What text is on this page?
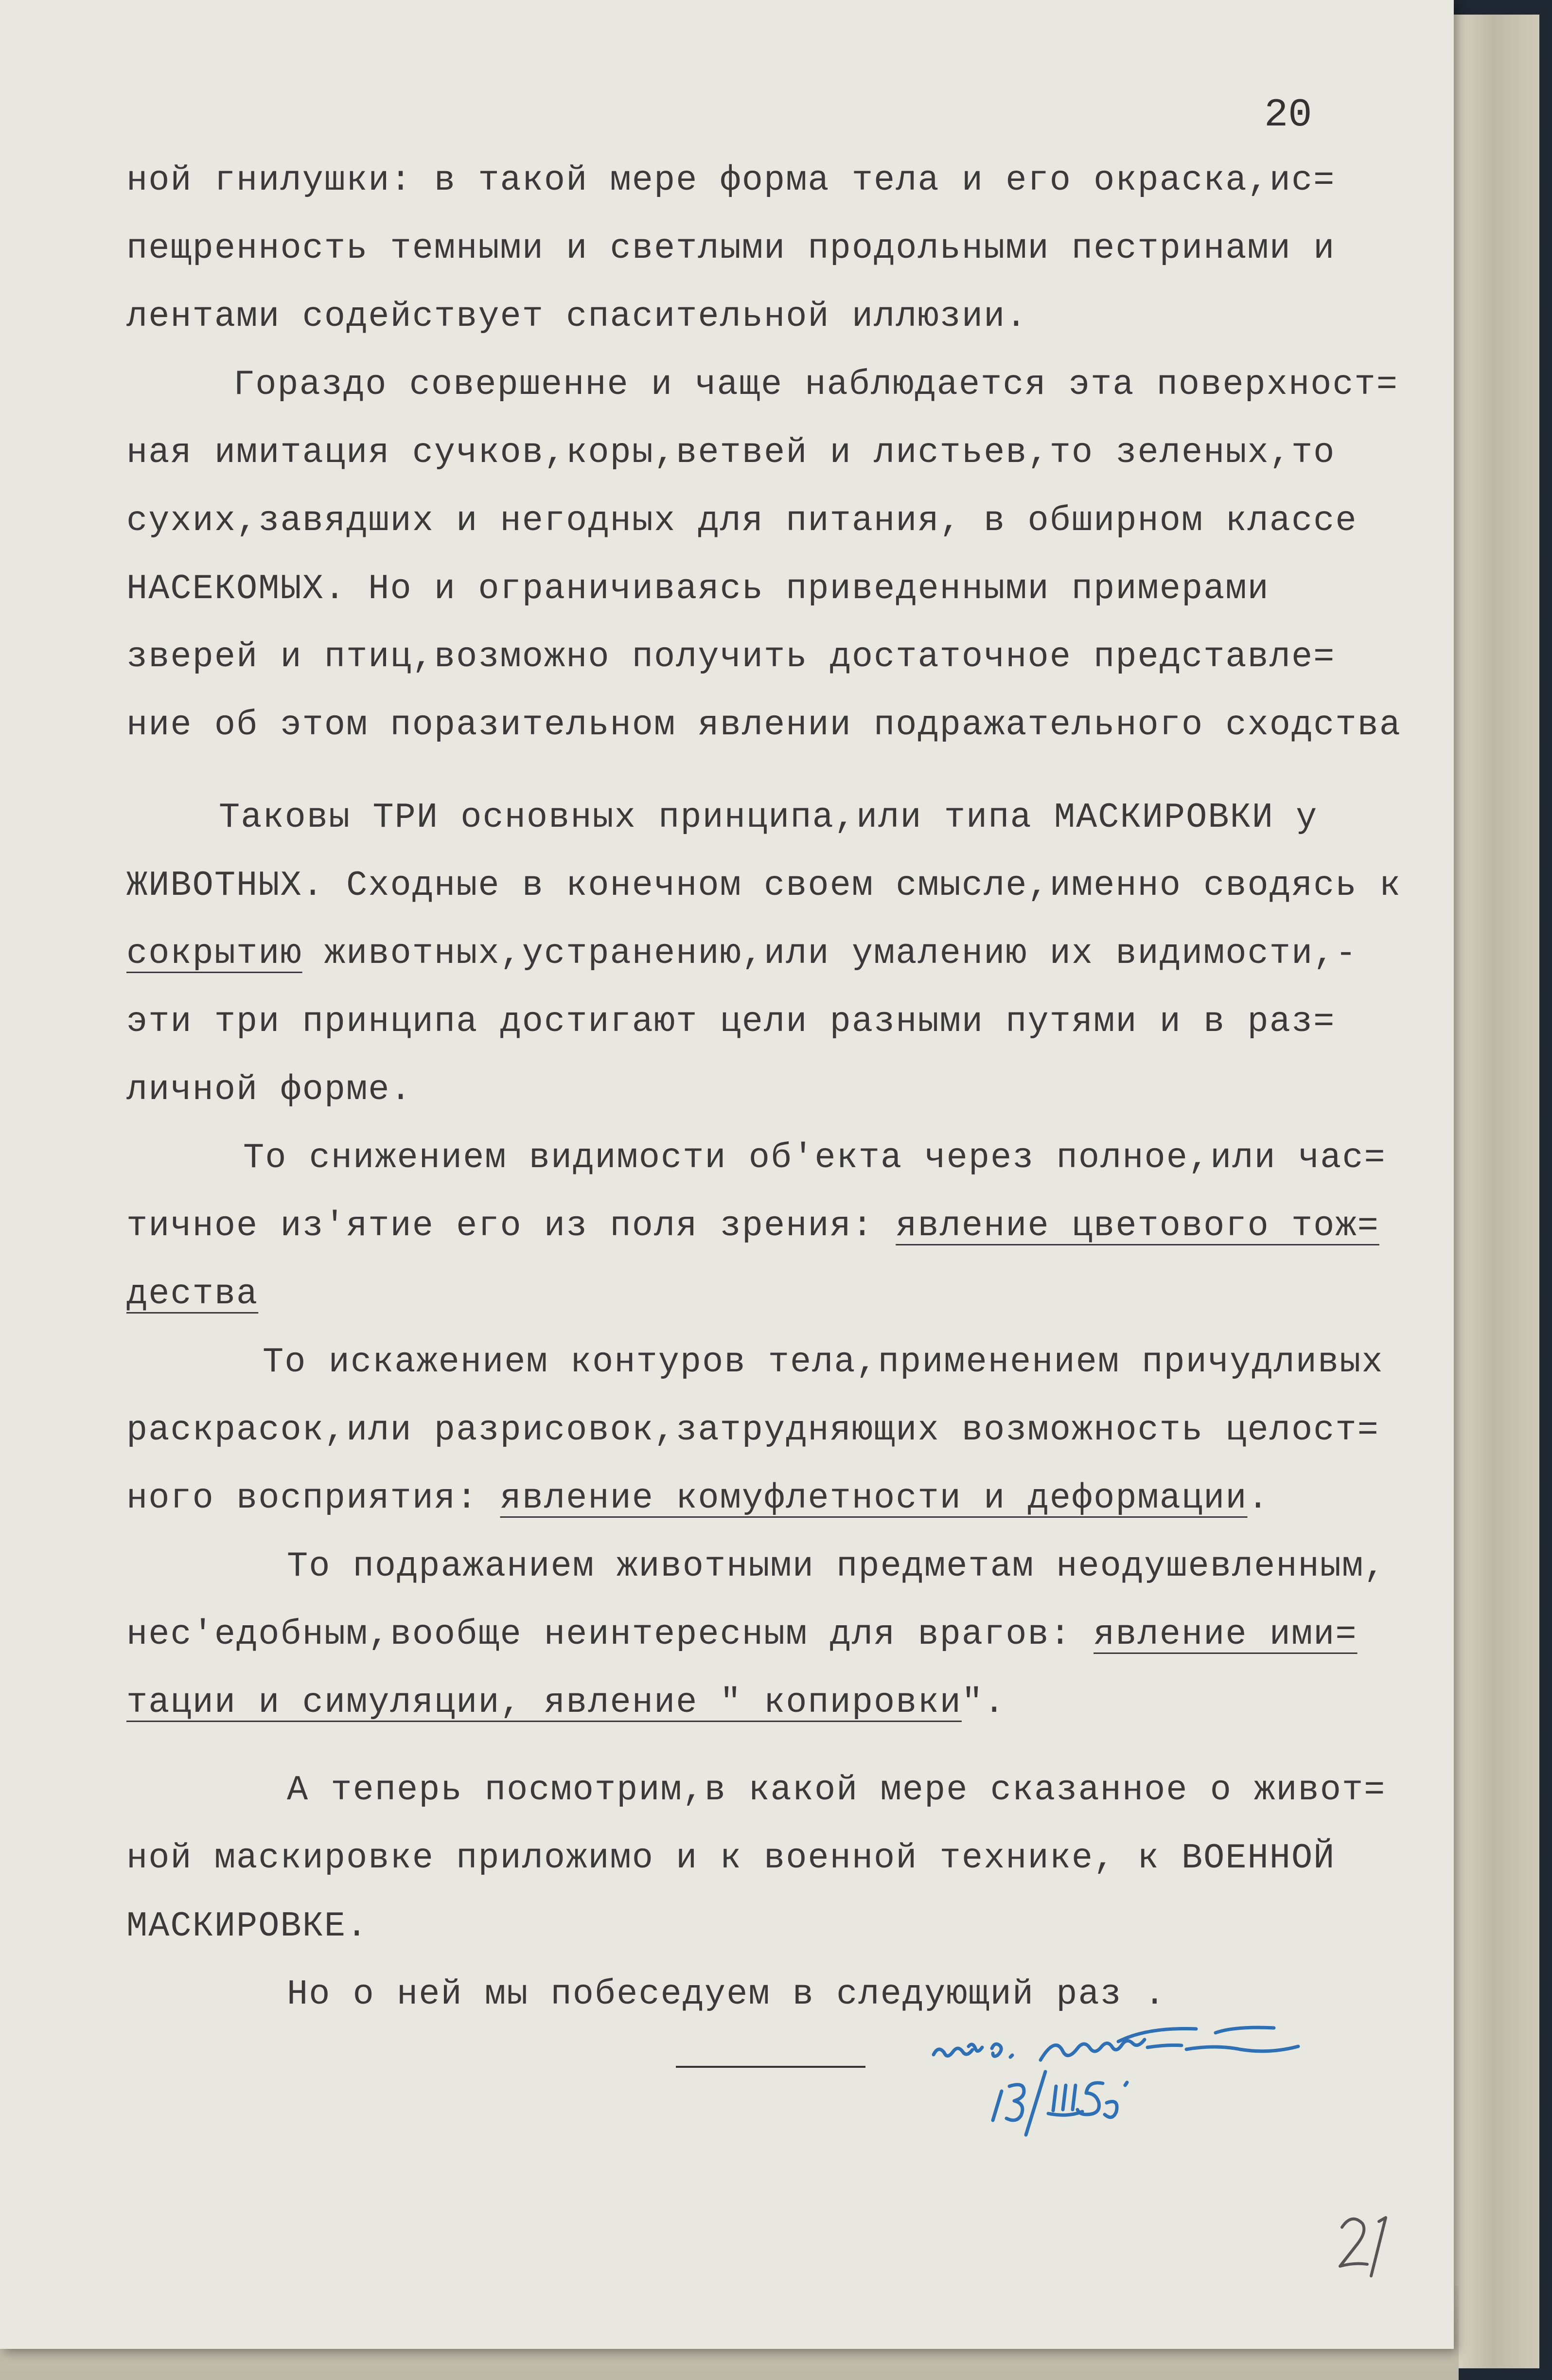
20
ной гнилушки: в такой мере форма тела и его окраска,ис=
пещренность темными и светлыми продольными пестринами и
лентами содействует спасительной иллюзии.
Гораздо совершенне и чаще наблюдается эта поверхност=
ная имитация сучков,коры,ветвей и листьев,то зеленых,то
сухих,завядших и негодных для питания, в обширном классе
НАСЕКОМЫХ. Но и ограничиваясь приведенными примерами
зверей и птиц,возможно получить достаточное представле=
ние об этом поразительном явлении подражательного сходства
Таковы ТРИ основных принципа,или типа МАСКИРОВКИ у
ЖИВОТНЫХ. Сходные в конечном своем смысле,именно сводясь к
сокрытию животных,устранению,или умалению их видимости,-
эти три принципа достигают цели разными путями и в раз=
личной форме.
То снижением видимости об'екта через полное,или час=
тичное из'ятие его из поля зрения: явление цветового тож=
дества
То искажением контуров тела,применением причудливых
раскрасок,или разрисовок,затрудняющих возможность целост=
ного восприятия: явление комуфлетности и деформации.
То подражанием животными предметам неодушевленным,
нес'едобным,вообще неинтересным для врагов: явление ими=
тации и симуляции, явление " копировки".
А теперь посмотрим,в какой мере сказанное о живот=
ной маскировке приложимо и к военной технике, к ВОЕННОЙ
МАСКИРОВКЕ.
Но о ней мы побеседуем в следующий раз .
